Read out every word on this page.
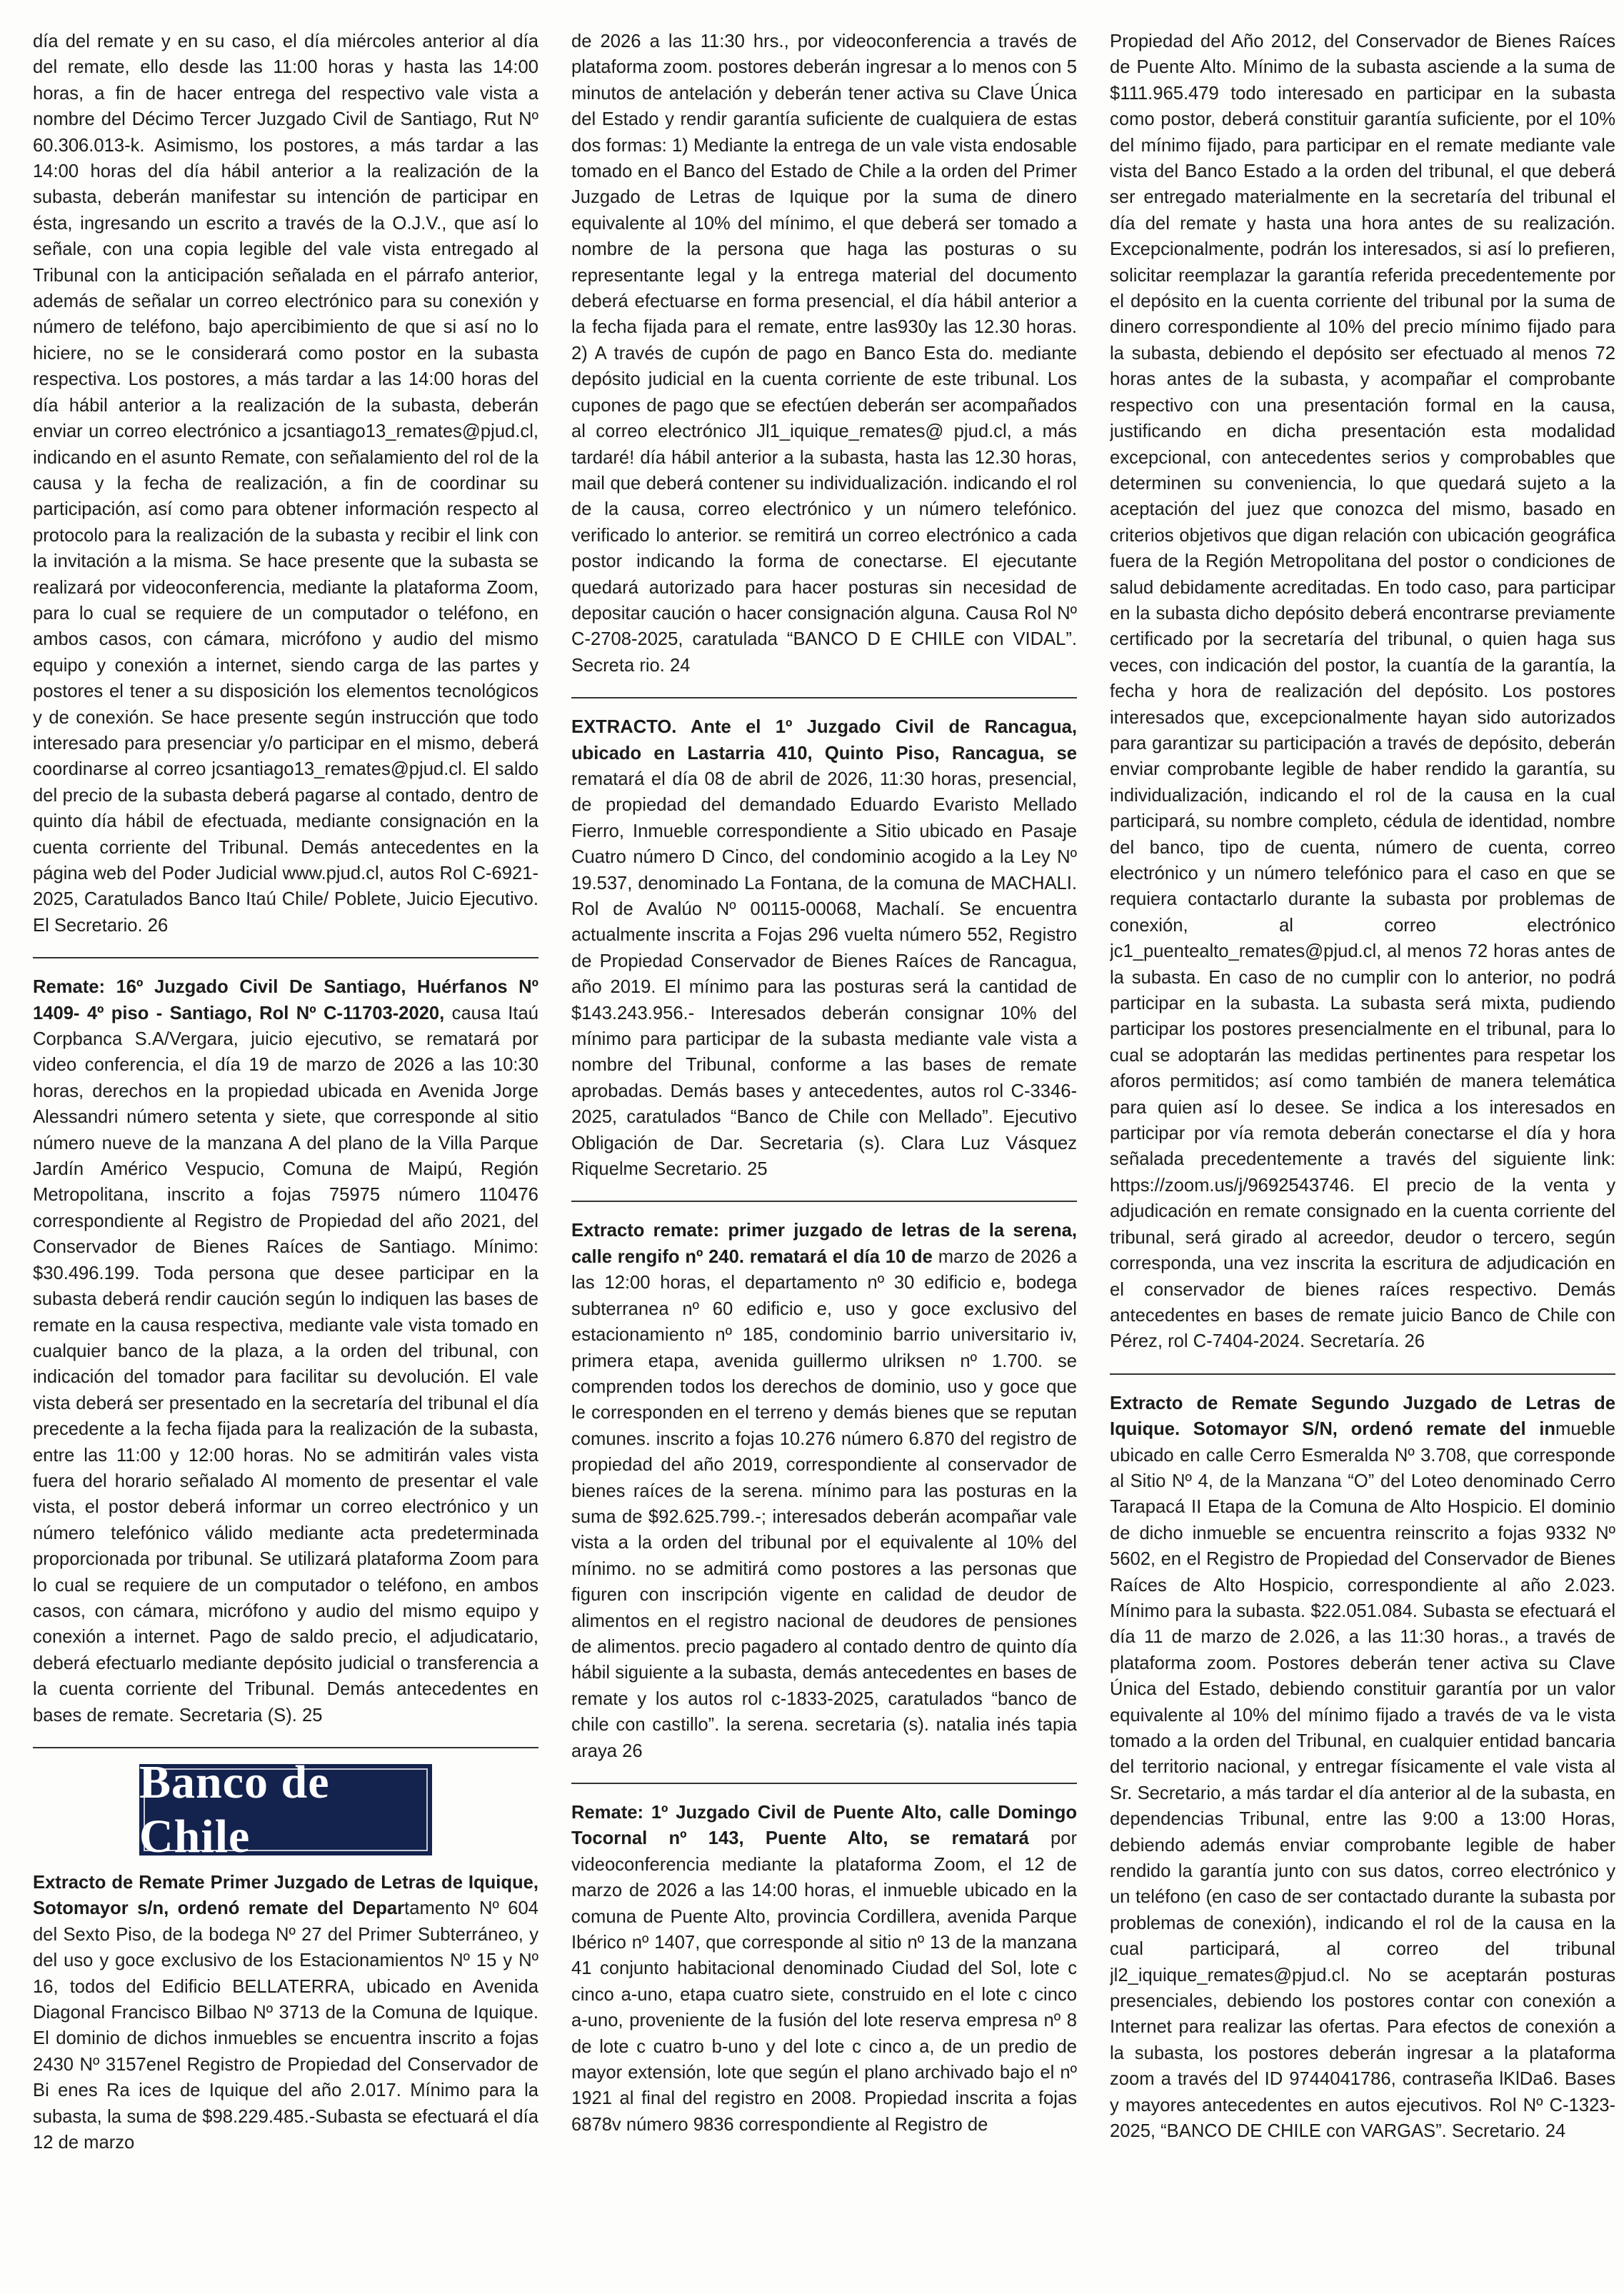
día del remate y en su caso, el día miércoles anterior al día del remate, ello desde las 11:00 horas y hasta las 14:00 horas, a fin de hacer entrega del respectivo vale vista a nombre del Décimo Tercer Juzgado Civil de Santiago, Rut Nº 60.306.013-k. Asimismo, los postores, a más tardar a las 14:00 horas del día hábil anterior a la realización de la subasta, deberán manifestar su intención de participar en ésta, ingresando un escrito a través de la O.J.V., que así lo señale, con una copia legible del vale vista entregado al Tribunal con la anticipación señalada en el párrafo anterior, además de señalar un correo electrónico para su conexión y número de teléfono, bajo apercibimiento de que si así no lo hiciere, no se le considerará como postor en la subasta respectiva. Los postores, a más tardar a las 14:00 horas del día hábil anterior a la realización de la subasta, deberán enviar un correo electrónico a jcsantiago13_remates@pjud.cl, indicando en el asunto Remate, con señalamiento del rol de la causa y la fecha de realización, a fin de coordinar su participación, así como para obtener información respecto al protocolo para la realización de la subasta y recibir el link con la invitación a la misma. Se hace presente que la subasta se realizará por videoconferencia, mediante la plataforma Zoom, para lo cual se requiere de un computador o teléfono, en ambos casos, con cámara, micrófono y audio del mismo equipo y conexión a internet, siendo carga de las partes y postores el tener a su disposición los elementos tecnológicos y de conexión. Se hace presente según instrucción que todo interesado para presenciar y/o participar en el mismo, deberá coordinarse al correo jcsantiago13_remates@pjud.cl. El saldo del precio de la subasta deberá pagarse al contado, dentro de quinto día hábil de efectuada, mediante consignación en la cuenta corriente del Tribunal. Demás antecedentes en la página web del Poder Judicial www.pjud.cl, autos Rol C-6921-2025, Caratulados Banco Itaú Chile/ Poblete, Juicio Ejecutivo. El Secretario. 26

Remate: 16º Juzgado Civil De Santiago, Huérfanos Nº 1409- 4º piso - Santiago, Rol Nº C-11703-2020, causa Itaú Corpbanca S.A/Vergara, juicio ejecutivo, se rematará por video conferencia, el día 19 de marzo de 2026 a las 10:30 horas, derechos en la propiedad ubicada en Avenida Jorge Alessandri número setenta y siete, que corresponde al sitio número nueve de la manzana A del plano de la Villa Parque Jardín Américo Vespucio, Comuna de Maipú, Región Metropolitana, inscrito a fojas 75975 número 110476 correspondiente al Registro de Propiedad del año 2021, del Conservador de Bienes Raíces de Santiago. Mínimo: $30.496.199. Toda persona que desee participar en la subasta deberá rendir caución según lo indiquen las bases de remate en la causa respectiva, mediante vale vista tomado en cualquier banco de la plaza, a la orden del tribunal, con indicación del tomador para facilitar su devolución. El vale vista deberá ser presentado en la secretaría del tribunal el día precedente a la fecha fijada para la realización de la subasta, entre las 11:00 y 12:00 horas. No se admitirán vales vista fuera del horario señalado Al momento de presentar el vale vista, el postor deberá informar un correo electrónico y un número telefónico válido mediante acta predeterminada proporcionada por tribunal. Se utilizará plataforma Zoom para lo cual se requiere de un computador o teléfono, en ambos casos, con cámara, micrófono y audio del mismo equipo y conexión a internet. Pago de saldo precio, el adjudicatario, deberá efectuarlo mediante depósito judicial o transferencia a la cuenta corriente del Tribunal. Demás antecedentes en bases de remate. Secretaria (S). 25

Banco de Chile

Extracto de Remate Primer Juzgado de Letras de Iquique, Sotomayor s/n, ordenó remate del Departamento Nº 604 del Sexto Piso, de la bodega Nº 27 del Primer Subterráneo, y del uso y goce exclusivo de los Estacionamientos Nº 15 y Nº 16, todos del Edificio BELLATERRA, ubicado en Avenida Diagonal Francisco Bilbao Nº 3713 de la Comuna de Iquique. El dominio de dichos inmuebles se encuentra inscrito a fojas 2430 Nº 3157enel Registro de Propiedad del Conservador de Bi enes Ra ices de Iquique del año 2.017. Mínimo para la subasta, la suma de $98.229.485.-Subasta se efectuará el día 12 de marzo

de 2026 a las 11:30 hrs., por videoconferencia a través de plataforma zoom. postores deberán ingresar a lo menos con 5 minutos de antelación y deberán tener activa su Clave Única del Estado y rendir garantía suficiente de cualquiera de estas dos formas: 1) Mediante la entrega de un vale vista endosable tomado en el Banco del Estado de Chile a la orden del Primer Juzgado de Letras de Iquique por la suma de dinero equivalente al 10% del mínimo, el que deberá ser tomado a nombre de la persona que haga las posturas o su representante legal y la entrega material del documento deberá efectuarse en forma presencial, el día hábil anterior a la fecha fijada para el remate, entre las930y las 12.30 horas. 2) A través de cupón de pago en Banco Esta do. mediante depósito judicial en la cuenta corriente de este tribunal. Los cupones de pago que se efectúen deberán ser acompañados al correo electrónico Jl1_iquique_remates@ pjud.cl, a más tardaré! día hábil anterior a la subasta, hasta las 12.30 horas, mail que deberá contener su individualización. indicando el rol de la causa, correo electrónico y un número telefónico. verificado lo anterior. se remitirá un correo electrónico a cada postor indicando la forma de conectarse. El ejecutante quedará autorizado para hacer posturas sin necesidad de depositar caución o hacer consignación alguna. Causa Rol Nº C-2708-2025, caratulada “BANCO D E CHILE con VIDAL”. Secreta rio. 24

EXTRACTO. Ante el 1º Juzgado Civil de Rancagua, ubicado en Lastarria 410, Quinto Piso, Rancagua, se rematará el día 08 de abril de 2026, 11:30 horas, presencial, de propiedad del demandado Eduardo Evaristo Mellado Fierro, Inmueble correspondiente a Sitio ubicado en Pasaje Cuatro número D Cinco, del condominio acogido a la Ley Nº 19.537, denominado La Fontana, de la comuna de MACHALI. Rol de Avalúo Nº 00115-00068, Machalí. Se encuentra actualmente inscrita a Fojas 296 vuelta número 552, Registro de Propiedad Conservador de Bienes Raíces de Rancagua, año 2019. El mínimo para las posturas será la cantidad de $143.243.956.- Interesados deberán consignar 10% del mínimo para participar de la subasta mediante vale vista a nombre del Tribunal, conforme a las bases de remate aprobadas. Demás bases y antecedentes, autos rol C-3346-2025, caratulados “Banco de Chile con Mellado”. Ejecutivo Obligación de Dar. Secretaria (s). Clara Luz Vásquez Riquelme Secretario. 25

Extracto remate: primer juzgado de letras de la serena, calle rengifo nº 240. rematará el día 10 de marzo de 2026 a las 12:00 horas, el departamento nº 30 edificio e, bodega subterranea nº 60 edificio e, uso y goce exclusivo del estacionamiento nº 185, condominio barrio universitario iv, primera etapa, avenida guillermo ulriksen nº 1.700. se comprenden todos los derechos de dominio, uso y goce que le corresponden en el terreno y demás bienes que se reputan comunes. inscrito a fojas 10.276 número 6.870 del registro de propiedad del año 2019, correspondiente al conservador de bienes raíces de la serena. mínimo para las posturas en la suma de $92.625.799.-; interesados deberán acompañar vale vista a la orden del tribunal por el equivalente al 10% del mínimo. no se admitirá como postores a las personas que figuren con inscripción vigente en calidad de deudor de alimentos en el registro nacional de deudores de pensiones de alimentos. precio pagadero al contado dentro de quinto día hábil siguiente a la subasta, demás antecedentes en bases de remate y los autos rol c-1833-2025, caratulados “banco de chile con castillo”. la serena. secretaria (s). natalia inés tapia araya 26

Remate: 1º Juzgado Civil de Puente Alto, calle Domingo Tocornal nº 143, Puente Alto, se rematará por videoconferencia mediante la plataforma Zoom, el 12 de marzo de 2026 a las 14:00 horas, el inmueble ubicado en la comuna de Puente Alto, provincia Cordillera, avenida Parque Ibérico nº 1407, que corresponde al sitio nº 13 de la manzana 41 conjunto habitacional denominado Ciudad del Sol, lote c cinco a-uno, etapa cuatro siete, construido en el lote c cinco a-uno, proveniente de la fusión del lote reserva empresa nº 8 de lote c cuatro b-uno y del lote c cinco a, de un predio de mayor extensión, lote que según el plano archivado bajo el nº 1921 al final del registro en 2008. Propiedad inscrita a fojas 6878v número 9836 correspondiente al Registro de

Propiedad del Año 2012, del Conservador de Bienes Raíces de Puente Alto. Mínimo de la subasta asciende a la suma de $111.965.479 todo interesado en participar en la subasta como postor, deberá constituir garantía suficiente, por el 10% del mínimo fijado, para participar en el remate mediante vale vista del Banco Estado a la orden del tribunal, el que deberá ser entregado materialmente en la secretaría del tribunal el día del remate y hasta una hora antes de su realización. Excepcionalmente, podrán los interesados, si así lo prefieren, solicitar reemplazar la garantía referida precedentemente por el depósito en la cuenta corriente del tribunal por la suma de dinero correspondiente al 10% del precio mínimo fijado para la subasta, debiendo el depósito ser efectuado al menos 72 horas antes de la subasta, y acompañar el comprobante respectivo con una presentación formal en la causa, justificando en dicha presentación esta modalidad excepcional, con antecedentes serios y comprobables que determinen su conveniencia, lo que quedará sujeto a la aceptación del juez que conozca del mismo, basado en criterios objetivos que digan relación con ubicación geográfica fuera de la Región Metropolitana del postor o condiciones de salud debidamente acreditadas. En todo caso, para participar en la subasta dicho depósito deberá encontrarse previamente certificado por la secretaría del tribunal, o quien haga sus veces, con indicación del postor, la cuantía de la garantía, la fecha y hora de realización del depósito. Los postores interesados que, excepcionalmente hayan sido autorizados para garantizar su participación a través de depósito, deberán enviar comprobante legible de haber rendido la garantía, su individualización, indicando el rol de la causa en la cual participará, su nombre completo, cédula de identidad, nombre del banco, tipo de cuenta, número de cuenta, correo electrónico y un número telefónico para el caso en que se requiera contactarlo durante la subasta por problemas de conexión, al correo electrónico jc1_puentealto_remates@pjud.cl, al menos 72 horas antes de la subasta. En caso de no cumplir con lo anterior, no podrá participar en la subasta. La subasta será mixta, pudiendo participar los postores presencialmente en el tribunal, para lo cual se adoptarán las medidas pertinentes para respetar los aforos permitidos; así como también de manera telemática para quien así lo desee. Se indica a los interesados en participar por vía remota deberán conectarse el día y hora señalada precedentemente a través del siguiente link: https://zoom.us/j/9692543746. El precio de la venta y adjudicación en remate consignado en la cuenta corriente del tribunal, será girado al acreedor, deudor o tercero, según corresponda, una vez inscrita la escritura de adjudicación en el conservador de bienes raíces respectivo. Demás antecedentes en bases de remate juicio Banco de Chile con Pérez, rol C-7404-2024. Secretaría. 26

Extracto de Remate Segundo Juzgado de Letras de Iquique. Sotomayor S/N, ordenó remate del inmueble ubicado en calle Cerro Esmeralda Nº 3.708, que corresponde al Sitio Nº 4, de la Manzana “O” del Loteo denominado Cerro Tarapacá II Etapa de la Comuna de Alto Hospicio. El dominio de dicho inmueble se encuentra reinscrito a fojas 9332 Nº 5602, en el Registro de Propiedad del Conservador de Bienes Raíces de Alto Hospicio, correspondiente al año 2.023. Mínimo para la subasta. $22.051.084. Subasta se efectuará el día 11 de marzo de 2.026, a las 11:30 horas., a través de plataforma zoom. Postores deberán tener activa su Clave Única del Estado, debiendo constituir garantía por un valor equivalente al 10% del mínimo fijado a través de va le vista tomado a la orden del Tribunal, en cualquier entidad bancaria del territorio nacional, y entregar físicamente el vale vista al Sr. Secretario, a más tardar el día anterior al de la subasta, en dependencias Tribunal, entre las 9:00 a 13:00 Horas, debiendo además enviar comprobante legible de haber rendido la garantía junto con sus datos, correo electrónico y un teléfono (en caso de ser contactado durante la subasta por problemas de conexión), indicando el rol de la causa en la cual participará, al correo del tribunal jl2_iquique_remates@pjud.cl. No se aceptarán posturas presenciales, debiendo los postores contar con conexión a Internet para realizar las ofertas. Para efectos de conexión a la subasta, los postores deberán ingresar a la plataforma zoom a través del ID 9744041786, contraseña lKlDa6. Bases y mayores antecedentes en autos ejecutivos. Rol Nº C-1323-2025, “BANCO DE CHILE con VARGAS”. Secretario. 24
